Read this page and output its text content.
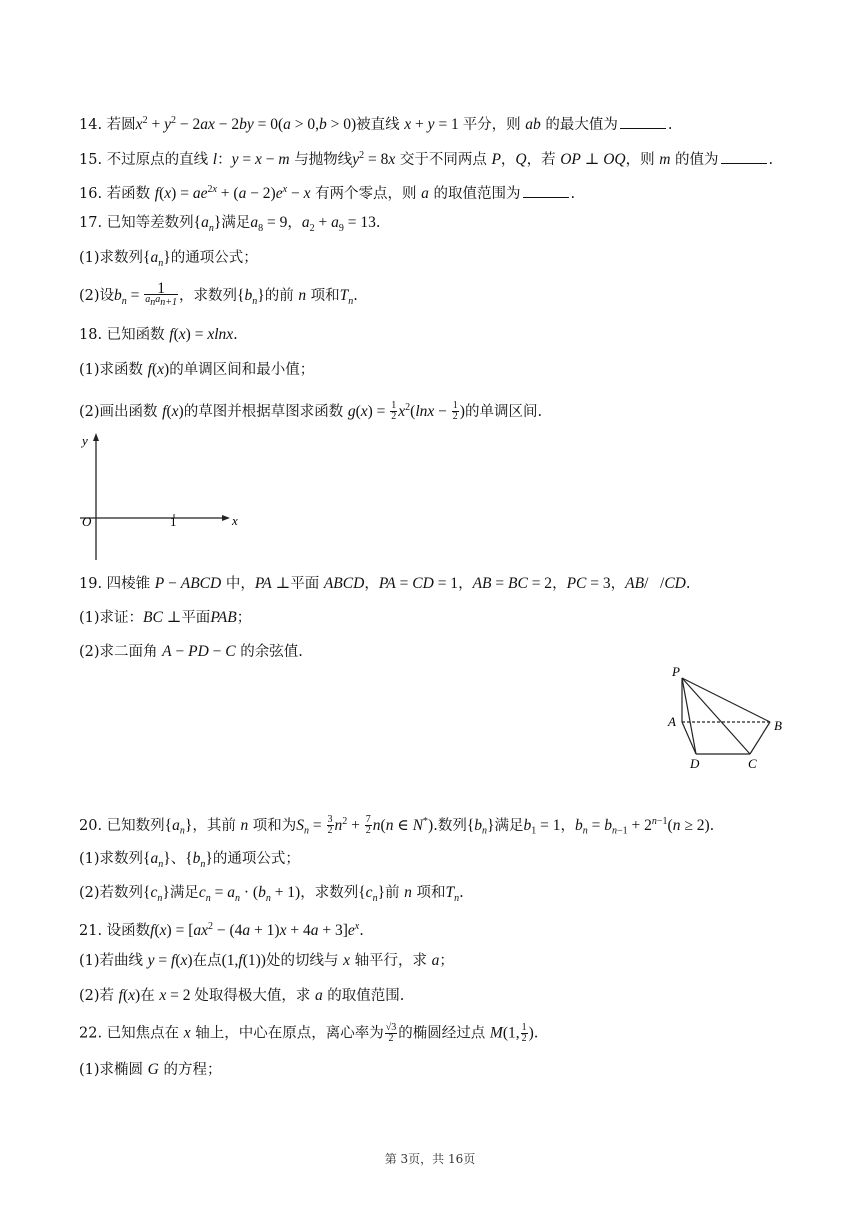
14. 若圆$x^2 + y^2 - 2ax - 2by = 0(a > 0,b > 0)$被直线 x + y = 1 平分，则 ab 的最大值为	.
15. 不过原点的直线 l：y = x − m 与抛物线$y^2 = 8x$ 交于不同两点 P，Q，若 OP ⊥ OQ，则 m 的值为	.
16. 若函数 $f(x) = ae^{2x} + (a - 2)e^x - x$ 有两个零点，则 a 的取值范围为	.
17. 已知等差数列$\{a_n\}$满足$a_8 = 9$，$a_2 + a_9 = 13$.
(1)求数列$\{a_n\}$的通项公式；
(2)设$b_n = \frac{1}{a_na_{n+1}}$ ，求数列$\{b_n\}$的前 n 项和$T_n$.
18. 已知函数 f(x) = xlnx.
(1)求函数 f(x)的单调区间和最小值；
(2)画出函数 f(x)的草图并根据草图求函数 $g(x) = \frac{1}{2} x^2(\ln x - \frac{1}{2}$ )的单调区间.
y
x
O	1
19. 四棱锥 P − ABCD 中，PA ⊥平面 ABCD，PA = CD = 1，AB = BC = 2，PC = 3，AB/   /CD.
(1)求证：BC ⊥平面PAB；
(2)求二面角 A − PD − C 的余弦值.
P
A	B
C
D
20. 已知数列$\{a_n\}$，其前 n 项和为$S_n = \frac{3}{2} n^2 + \frac{7}{2} n(n$ ∈ N*).数列$\{b_n\}$满足$b_1 = 1$，$b_n = b_{n-1} + 2^{n-1}(n \ge 2)$.
(1)求数列$\{a_n\}$、$\{b_n\}$的通项公式；
(2)若数列$\{c_n\}$满足$c_n = a_n \cdot (b_n + 1)$，求数列$\{c_n\}$前 n 项和$T_n$.
21. 设函数$f(x) = [ax^2 - (4a + 1)x + 4a + 3]e^x$.
(1)若曲线 y = f(x)在点(1,f(1))处的切线与 x 轴平行，求 a；
(2)若 f(x)在 x = 2 处取得极大值，求 a 的取值范围.
22. 已知焦点在 x 轴上，中心在原点，离心率为 $\frac{√3}{2}$ 的椭圆经过点 M(1, $\frac{1}{2}$ ).
(1)求椭圆 G 的方程；
第 3页，共 16页
